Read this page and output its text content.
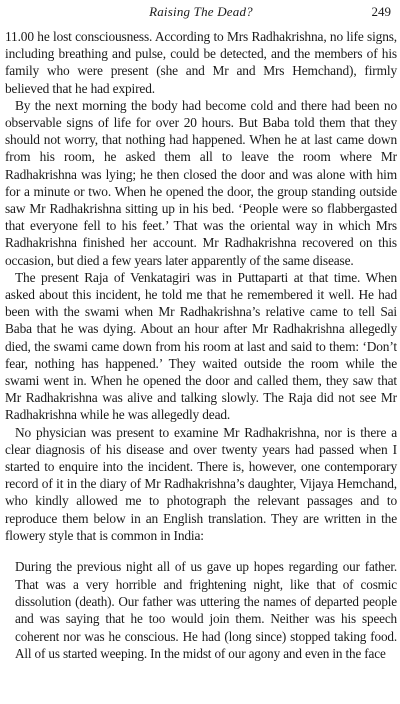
Raising The Dead?	249

11.00 he lost consciousness. According to Mrs Radhakrishna, no life signs, including breathing and pulse, could be detected, and the members of his family who were present (she and Mr and Mrs Hemchand), firmly believed that he had expired.

By the next morning the body had become cold and there had been no observable signs of life for over 20 hours. But Baba told them that they should not worry, that nothing had happened. When he at last came down from his room, he asked them all to leave the room where Mr Radhakrishna was lying; he then closed the door and was alone with him for a minute or two. When he opened the door, the group standing outside saw Mr Radhakrishna sitting up in his bed. ‘People were so flabbergasted that everyone fell to his feet.’ That was the oriental way in which Mrs Radhakrishna finished her account. Mr Radhakrishna recovered on this occasion, but died a few years later apparently of the same disease.

The present Raja of Venkatagiri was in Puttaparti at that time. When asked about this incident, he told me that he remembered it well. He had been with the swami when Mr Radhakrishna’s relative came to tell Sai Baba that he was dying. About an hour after Mr Radhakrishna allegedly died, the swami came down from his room at last and said to them: ‘Don’t fear, nothing has happened.’ They waited outside the room while the swami went in. When he opened the door and called them, they saw that Mr Radhakrishna was alive and talking slowly. The Raja did not see Mr Radhakrishna while he was allegedly dead.

No physician was present to examine Mr Radhakrishna, nor is there a clear diagnosis of his disease and over twenty years had passed when I started to enquire into the incident. There is, however, one contemporary record of it in the diary of Mr Radhakrishna’s daughter, Vijaya Hemchand, who kindly allowed me to photograph the relevant passages and to reproduce them below in an English translation. They are written in the flowery style that is common in India:

During the previous night all of us gave up hopes regarding our father. That was a very horrible and frightening night, like that of cosmic dissolution (death). Our father was uttering the names of departed people and was saying that he too would join them. Neither was his speech coherent nor was he conscious. He had (long since) stopped taking food. All of us started weeping. In the midst of our agony and even in the face
